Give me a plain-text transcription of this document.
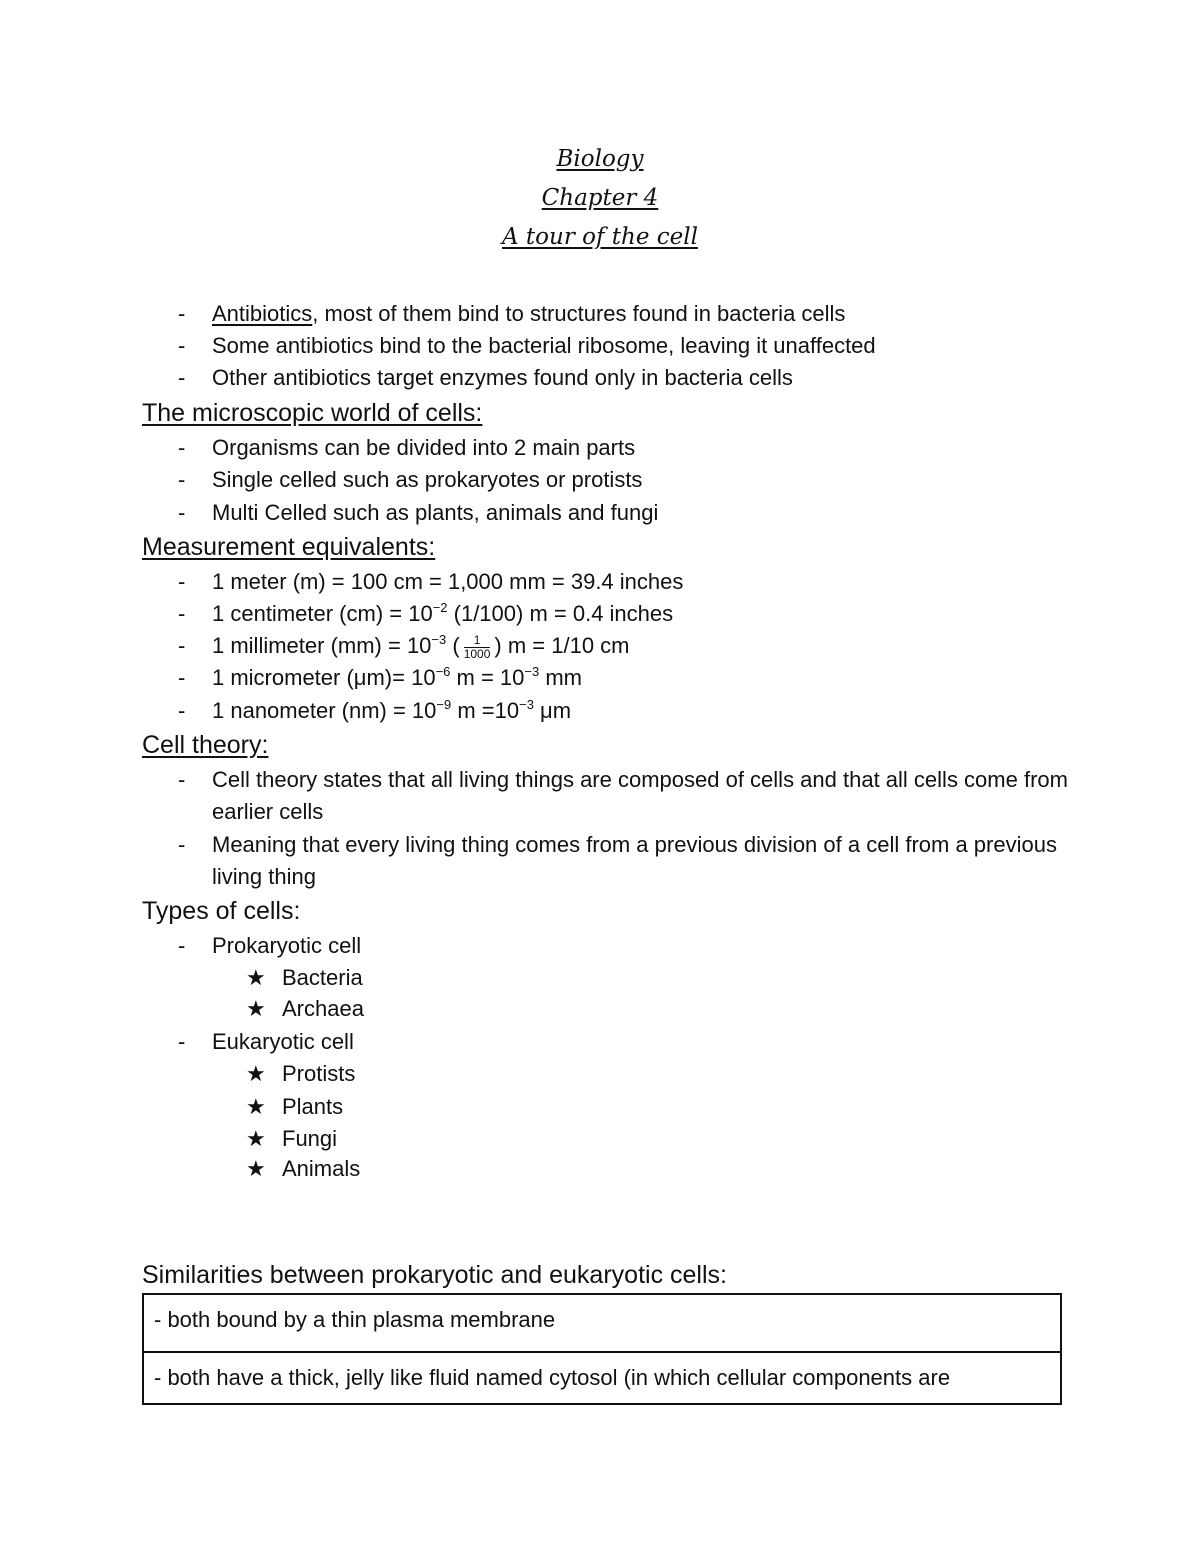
Biology
Chapter 4
A tour of the cell
- Antibiotics, most of them bind to structures found in bacteria cells
- Some antibiotics bind to the bacterial ribosome, leaving it unaffected
- Other antibiotics target enzymes found only in bacteria cells
The microscopic world of cells:
- Organisms can be divided into 2 main parts
- Single celled such as prokaryotes or protists
- Multi Celled such as plants, animals and fungi
Measurement equivalents:
- 1 meter (m) = 100 cm = 1,000 mm = 39.4 inches
- 1 centimeter $(cm) = 10^{-2}$ (1/100) m = 0.4 inches
- 1 millimeter $(mm) = 10^{-3}$ ( $\frac{1}{1000}$ ) m = 1/10 cm
- 1 micrometer $(\mu m)= 10^{-6}$ $m = 10^{-3}$ mm
- 1 nanometer $(nm) = 10^{-9}$ $m =10^{-3}$ μm
Cell theory:
- Cell theory states that all living things are composed of cells and that all cells come from earlier cells
- Meaning that every living thing comes from a previous division of a cell from a previous living thing
Types of cells:
- Prokaryotic cell
★ Bacteria
★ Archaea
- Eukaryotic cell
★ Protists
★ Plants
★ Fungi
★ Animals
Similarities between prokaryotic and eukaryotic cells:
- both bound by a thin plasma membrane
- both have a thick, jelly like fluid named cytosol (in which cellular components are
